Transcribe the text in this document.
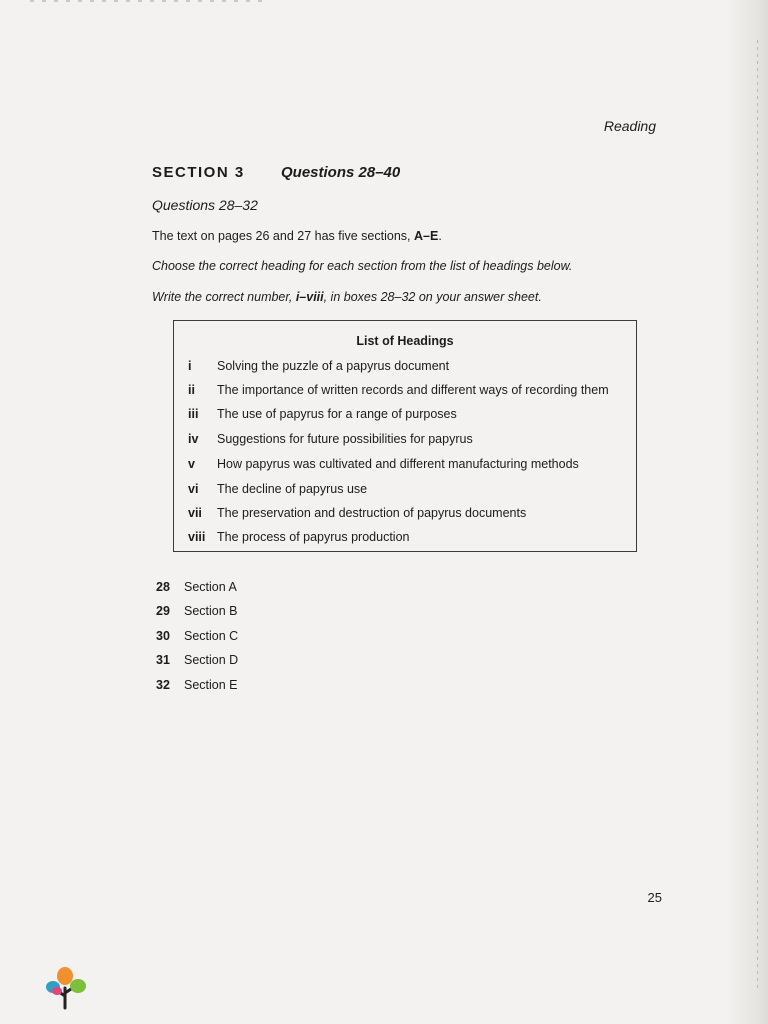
Reading
SECTION 3 Questions 28–40
Questions 28–32
The text on pages 26 and 27 has five sections, A–E.
Choose the correct heading for each section from the list of headings below.
Write the correct number, i–viii, in boxes 28–32 on your answer sheet.
List of Headings
i	Solving the puzzle of a papyrus document
ii	The importance of written records and different ways of recording them
iii	The use of papyrus for a range of purposes
iv	Suggestions for future possibilities for papyrus
v	How papyrus was cultivated and different manufacturing methods
vi	The decline of papyrus use
vii	The preservation and destruction of papyrus documents
viii The process of papyrus production
28 Section A
29 Section B
30 Section C
31 Section D
32 Section E
25
